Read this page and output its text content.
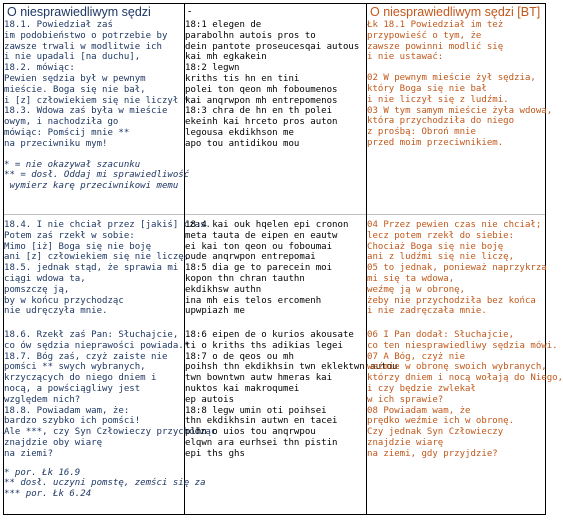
O niesprawiedliwym sędzi
18.1. Powiedział zaś
im podobieństwo o potrzebie by
zawsze trwali w modlitwie ich
i nie upadali [na duchu],
18.2. mówiąc:
Pewien sędzia był w pewnym
mieście. Boga się nie bał,
i [z] człowiekiem się nie liczył *.
18.3. Wdowa zaś była w mieście
owym, i nachodziła go
mówiąc: Pomścij mnie **
na przeciwniku mym!
* = nie okazywał szacunku
** = dosł. Oddaj mi sprawiedliwość
wymierz karę przeciwnikowi memu
18.4. I nie chciał przez [jakiś] czas.
Potem zaś rzekł w sobie:
Mimo [iż] Boga się nie boję
ani [z] człowiekiem się nie liczę,
18.5. jednak stąd, że sprawia mi
ciągi wdowa ta,
pomszczę ją,
by w końcu przychodząc
nie udręczyła mnie.
18.6. Rzekł zaś Pan: Słuchajcie,
co ów sędzia nieprawości powiada.*
18.7. Bóg zaś, czyż zaiste nie
pomści ** swych wybranych,
krzyczących do niego dniem i
nocą, a powściągliwy jest
względem nich?
18.8. Powiadam wam, że:
bardzo szybko ich pomści!
Ale ***, czy Syn Człowieczy przychodząc
znajdzie oby wiarę
na ziemi?
* por. Łk 16.9
** dosł. uczyni pomstę, zemści się za
*** por. Łk 6.24
-
18:1 elegen de
parabolhn autois pros to
dein pantote proseucesqai autous
kai mh egkakein
18:2 legwn
kriths tis hn en tini
polei ton qeon mh foboumenos
kai anqrwpon mh entrepomenos
18:3 chra de hn en th polei
ekeinh kai hrceto pros auton
legousa ekdikhson me
apo tou antidikou mou
18:4 kai ouk hqelen epi cronon
meta tauta de eipen en eautw
ei kai ton qeon ou foboumai
oude anqrwpon entrepomai
18:5 dia ge to parecein moi
kopon thn chran tauthn
ekdikhsw authn
ina mh eis telos ercomenh
upwpiazh me
18:6 eipen de o kurios akousate
ti o kriths ths adikias legei
18:7 o de qeos ou mh
poihsh thn ekdikhsin twn eklektwn autou
twn bowntwn autw hmeras kai
nuktos kai makroqumei
ep autois
18:8 legw umin oti poihsei
thn ekdikhsin autwn en tacei
plhn o uios tou anqrwpou
elqwn ara eurhsei thn pistin
epi ths ghs
O niesprawiedliwym sędzi [BT]
Łk 18.1 Powiedział im też
przypowieść o tym, że
zawsze powinni modlić się
i nie ustawać:
02 W pewnym mieście żył sędzia,
który Boga się nie bał
i nie liczył się z ludźmi.
03 W tym samym mieście żyła wdowa,
która przychodziła do niego
z prośbą: Obroń mnie
przed moim przeciwnikiem.
04 Przez pewien czas nie chciał;
lecz potem rzekł do siebie:
Chociaż Boga się nie boję
ani z ludźmi się nie liczę,
05 to jednak, ponieważ naprzykrza
mi się ta wdowa,
weźmę ją w obronę,
żeby nie przychodziła bez końca
i nie zadręczała mnie.
06 I Pan dodał: Słuchajcie,
co ten niesprawiedliwy sędzia mówi.
07 A Bóg, czyż nie
weźmie w obronę swoich wybranych,
którzy dniem i nocą wołają do Niego,
i czy będzie zwlekał
w ich sprawie?
08 Powiadam wam, że
prędko weźmie ich w obronę.
Czy jednak Syn Człowieczy
znajdzie wiarę
na ziemi, gdy przyjdzie?
